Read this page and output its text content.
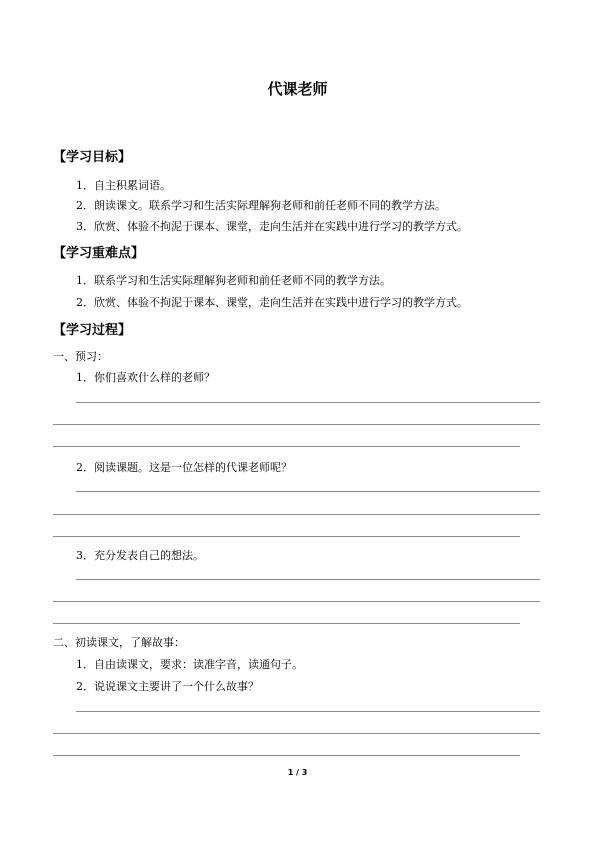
代课老师
【学习目标】
1．自主积累词语。
2．朗读课文。联系学习和生活实际理解狗老师和前任老师不同的教学方法。
3．欣赏、体验不拘泥于课本、课堂，走向生活并在实践中进行学习的教学方式。
【学习重难点】
1．联系学习和生活实际理解狗老师和前任老师不同的教学方法。
2．欣赏、体验不拘泥于课本、课堂，走向生活并在实践中进行学习的教学方式。
【学习过程】
一、预习：
1．你们喜欢什么样的老师？
2．阅读课题。这是一位怎样的代课老师呢？
3．充分发表自己的想法。
二、初读课文，了解故事：
1．自由读课文，要求：读准字音，读通句子。
2．说说课文主要讲了一个什么故事？
1 / 3
